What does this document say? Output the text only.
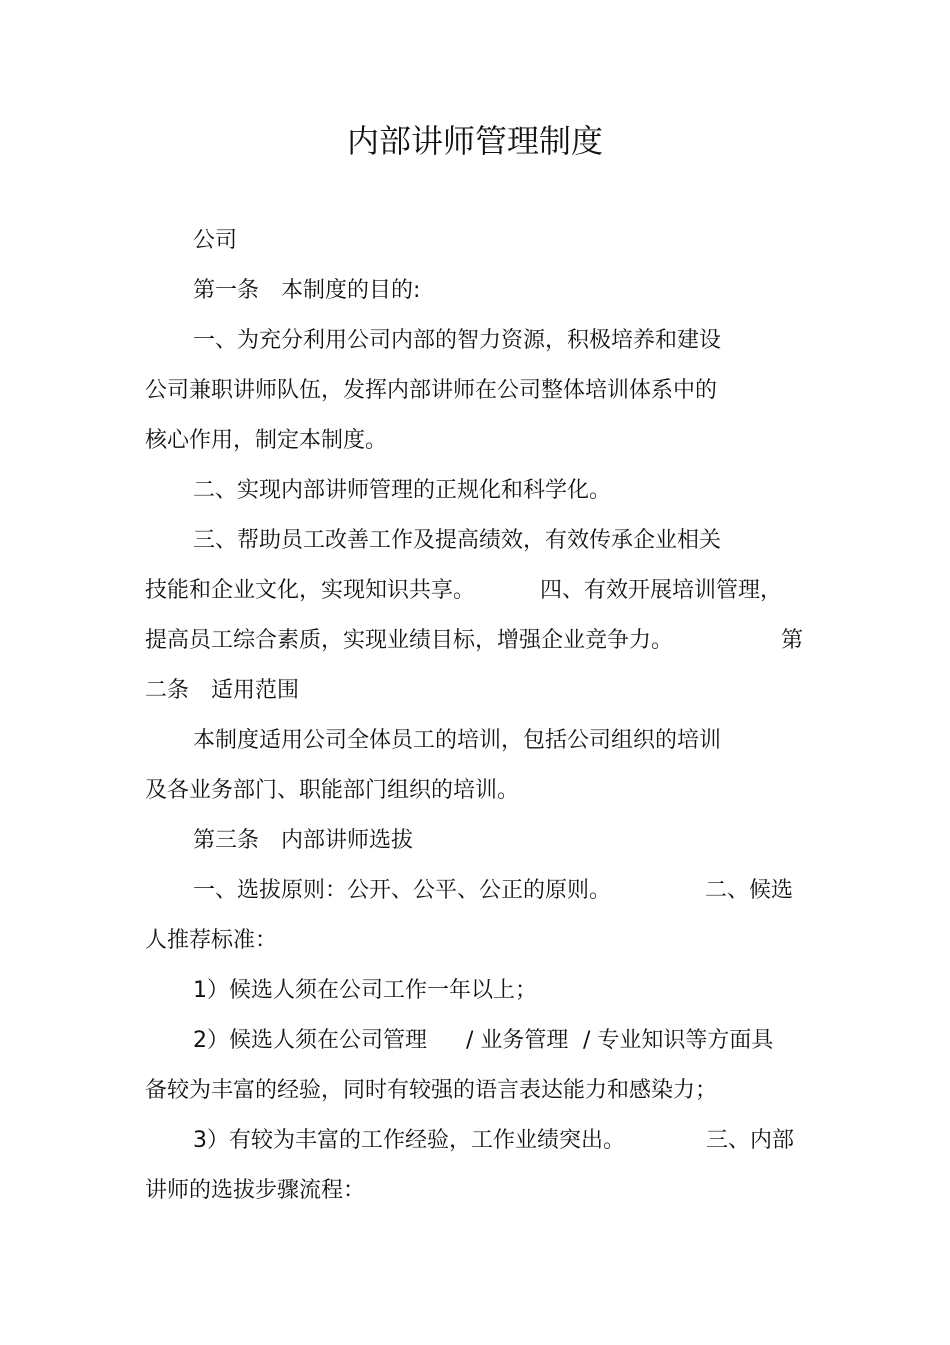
内部讲师管理制度
公司
第一条　本制度的目的:
一、为充分利用公司内部的智力资源，积极培养和建设
公司兼职讲师队伍，发挥内部讲师在公司整体培训体系中的
核心作用，制定本制度。
二、实现内部讲师管理的正规化和科学化。
三、帮助员工改善工作及提高绩效，有效传承企业相关
技能和企业文化，实现知识共享。	四、有效开展培训管理，
提高员工综合素质，实现业绩目标，增强企业竞争力。	第
二条　适用范围
本制度适用公司全体员工的培训，包括公司组织的培训
及各业务部门、职能部门组织的培训。
第三条　内部讲师选拔
一、选拔原则：公开、公平、公正的原则。	二、候选
人推荐标准：
1）候选人须在公司工作一年以上；
2）候选人须在公司管理 / 业务管理 / 专业知识等方面具
备较为丰富的经验，同时有较强的语言表达能力和感染力；
3）有较为丰富的工作经验，工作业绩突出。	三、内部
讲师的选拔步骤流程：
